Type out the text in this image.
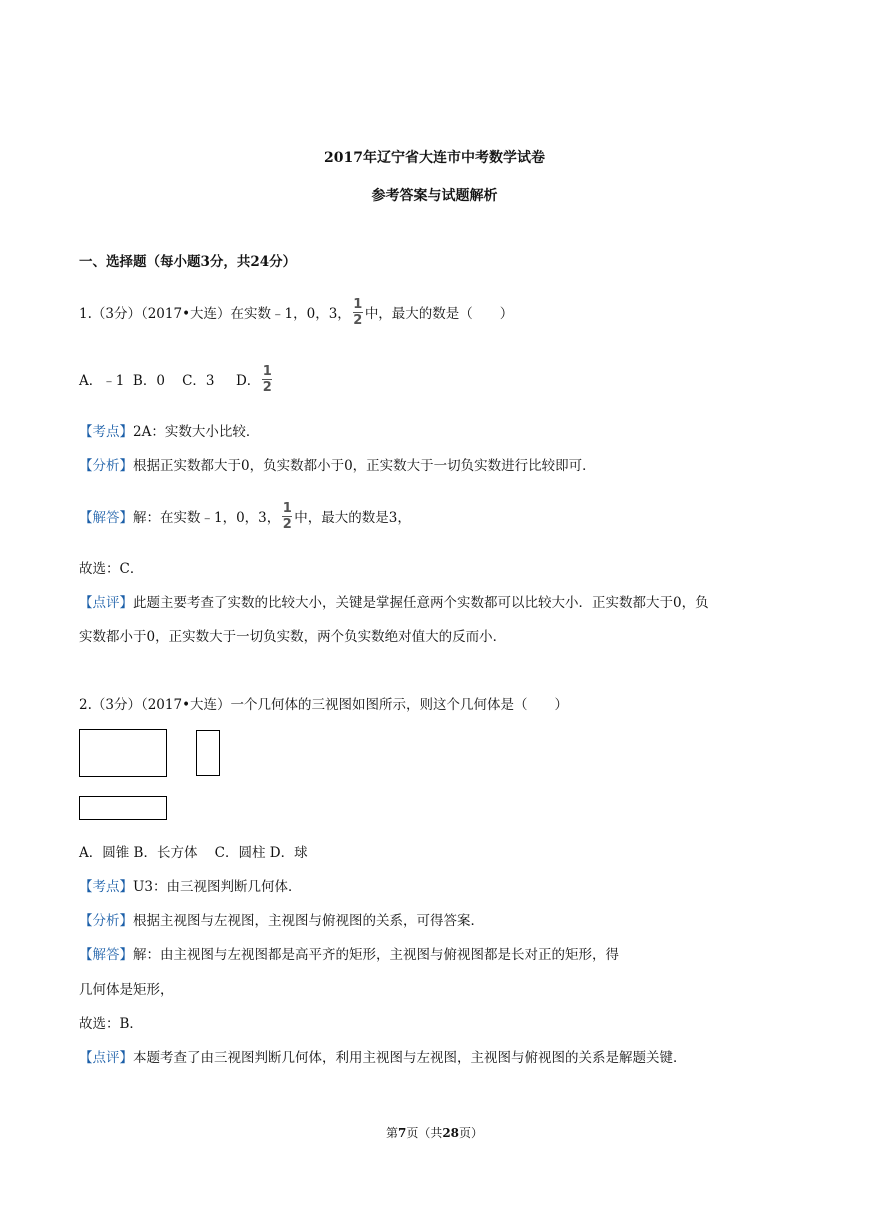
2017年辽宁省大连市中考数学试卷
参考答案与试题解析
一、选择题（每小题3分，共24分）
1.（3分）（2017•大连）在实数﹣1，0，3， $\frac{1}{2}$ 中，最大的数是（　　）
A．﹣1  B．0    C．3     D． $\frac{1}{2}$
【考点】2A：实数大小比较．
【分析】根据正实数都大于0，负实数都小于0，正实数大于一切负实数进行比较即可．
【解答】 解：在实数﹣1，0，3， $\frac{1}{2}$ 中，最大的数是3，
故选：C．
【点评】此题主要考查了实数的比较大小，关键是掌握任意两个实数都可以比较大小．正实数都大于0，负
实数都小于0，正实数大于一切负实数，两个负实数绝对值大的反而小．
2.（3分）（2017•大连）一个几何体的三视图如图所示，则这个几何体是（　　）
A．圆锥 B．长方体    C．圆柱 D．球
【考点】U3：由三视图判断几何体．
【分析】根据主视图与左视图，主视图与俯视图的关系，可得答案．
【解答】解：由主视图与左视图都是高平齐的矩形，主视图与俯视图都是长对正的矩形，得
几何体是矩形，
故选：B．
【点评】本题考查了由三视图判断几何体，利用主视图与左视图，主视图与俯视图的关系是解题关键．
第7页（共28页）
